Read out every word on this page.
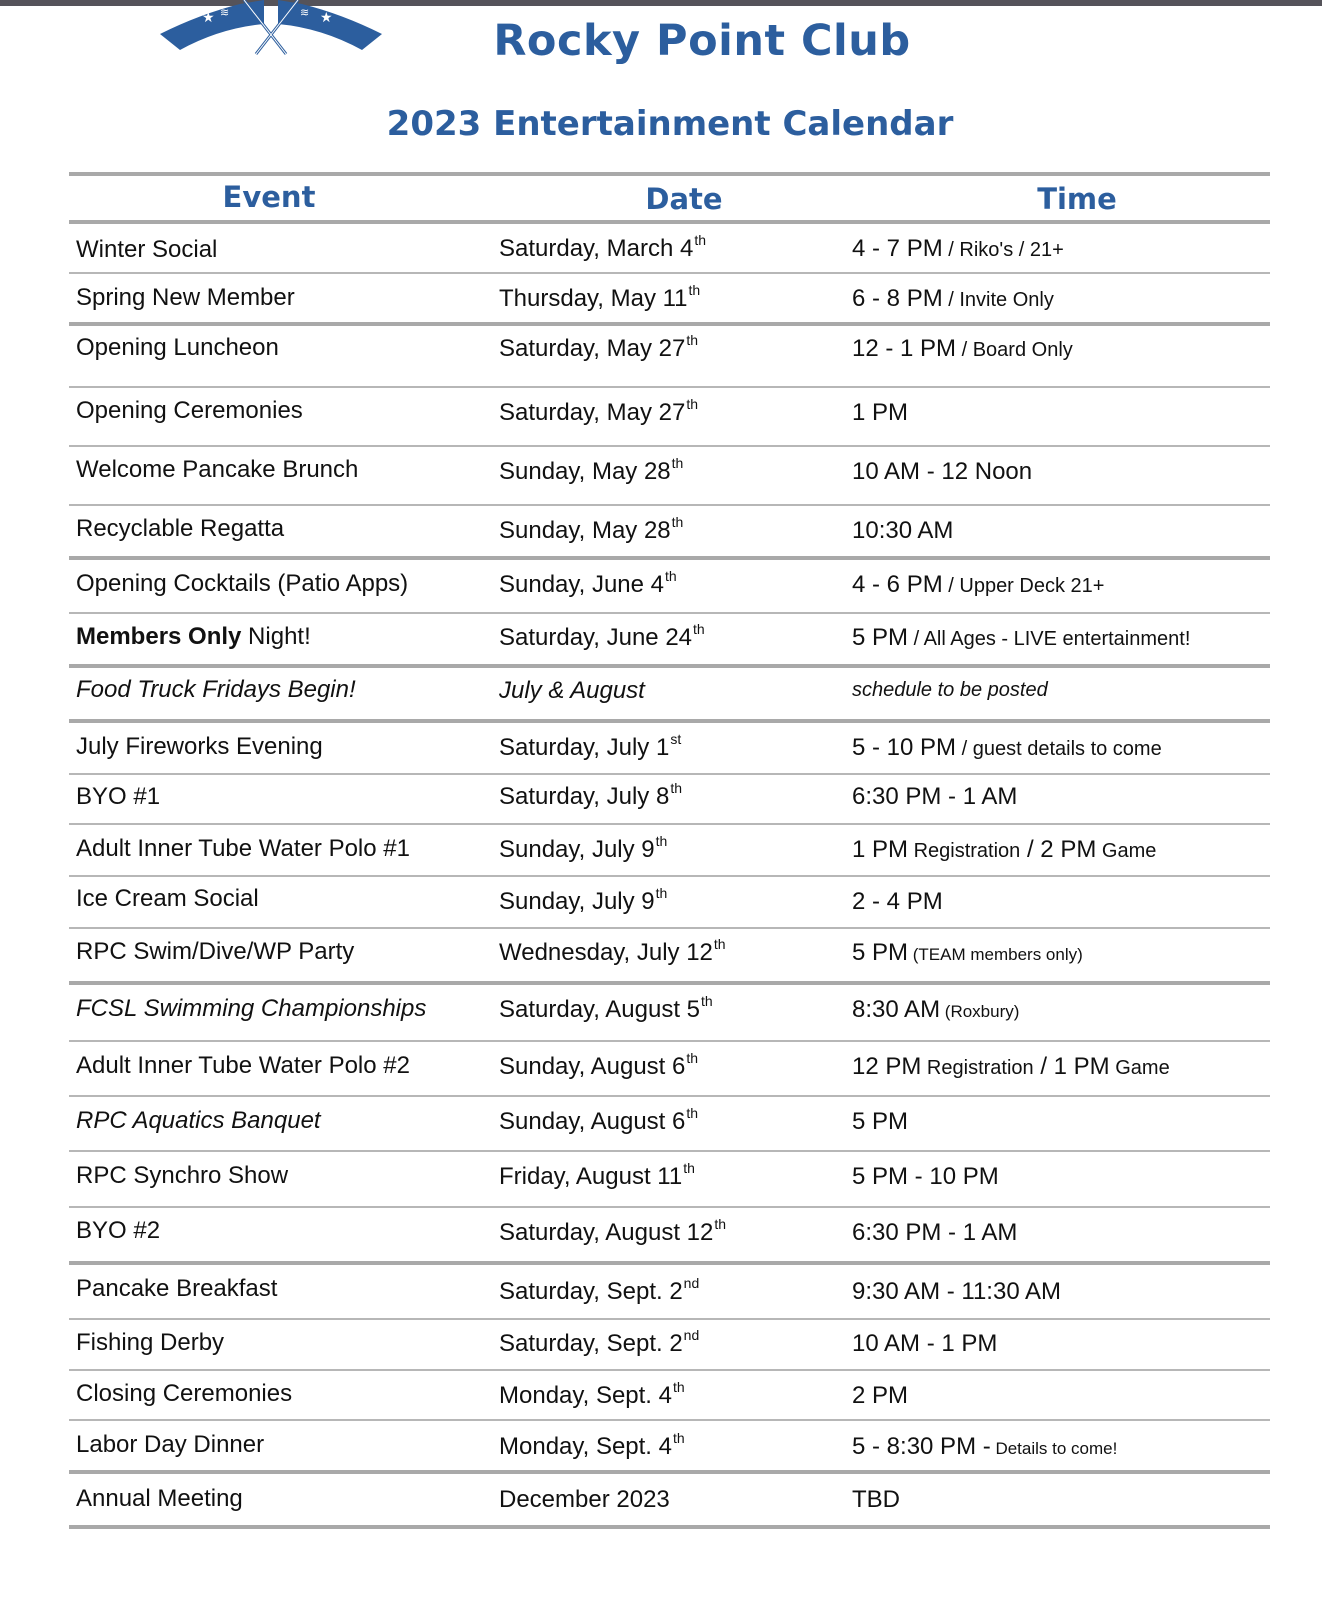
★ ≋	≋ ★	Rocky Point Club
2023 Entertainment Calendar
Event	Date	Time
Winter Social	Saturday, March 4th	4 - 7 PM / Riko's / 21+
Spring New Member	Thursday, May 11th	6 - 8 PM / Invite Only
Opening Luncheon	Saturday, May 27th	12 - 1 PM / Board Only
Opening Ceremonies	Saturday, May 27th	1 PM
Welcome Pancake Brunch	Sunday, May 28th	10 AM - 12 Noon
Recyclable Regatta	Sunday, May 28th	10:30 AM
Opening Cocktails (Patio Apps)	Sunday, June 4th	4 - 6 PM / Upper Deck 21+
Members Only Night!	Saturday, June 24th	5 PM / All Ages - LIVE entertainment!
Food Truck Fridays Begin!	July & August	schedule to be posted
July Fireworks Evening	Saturday, July 1st	5 - 10 PM / guest details to come
BYO #1	Saturday, July 8th	6:30 PM - 1 AM
Adult Inner Tube Water Polo #1	Sunday, July 9th	1 PM Registration / 2 PM Game
Ice Cream Social	Sunday, July 9th	2 - 4 PM
RPC Swim/Dive/WP Party	Wednesday, July 12th	5 PM (TEAM members only)
FCSL Swimming Championships	Saturday, August 5th	8:30 AM (Roxbury)
Adult Inner Tube Water Polo #2	Sunday, August 6th	12 PM Registration / 1 PM Game
RPC Aquatics Banquet	Sunday, August 6th	5 PM
RPC Synchro Show	Friday, August 11th	5 PM - 10 PM
BYO #2	Saturday, August 12th	6:30 PM - 1 AM
Pancake Breakfast	Saturday, Sept. 2nd	9:30 AM - 11:30 AM
Fishing Derby	Saturday, Sept. 2nd	10 AM - 1 PM
Closing Ceremonies	Monday, Sept. 4th	2 PM
Labor Day Dinner	Monday, Sept. 4th	5 - 8:30 PM - Details to come!
Annual Meeting	December 2023	TBD
